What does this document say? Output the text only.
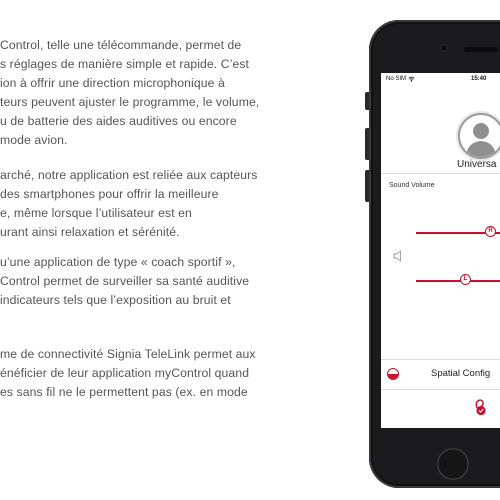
Control, telle une télécommande, permet de
s réglages de manière simple et rapide. C’est
ion à offrir une direction microphonique à
teurs peuvent ajuster le programme, le volume,
u de batterie des aides auditives ou encore
mode avion.
arché, notre application est reliée aux capteurs
des smartphones pour offrir la meilleure
e, même lorsque l’utilisateur est en
urant ainsi relaxation et sérénité.
u’une application de type « coach sportif »,
Control permet de surveiller sa santé auditive
indicateurs tels que l’exposition au bruit et
me de connectivité Signia TeleLink permet aux
énéficier de leur application myControl quand
es sans fil ne le permettent pas (ex. en mode
No SIM	15:40
Universa
Sound Volume
R
L
Spatial Config
